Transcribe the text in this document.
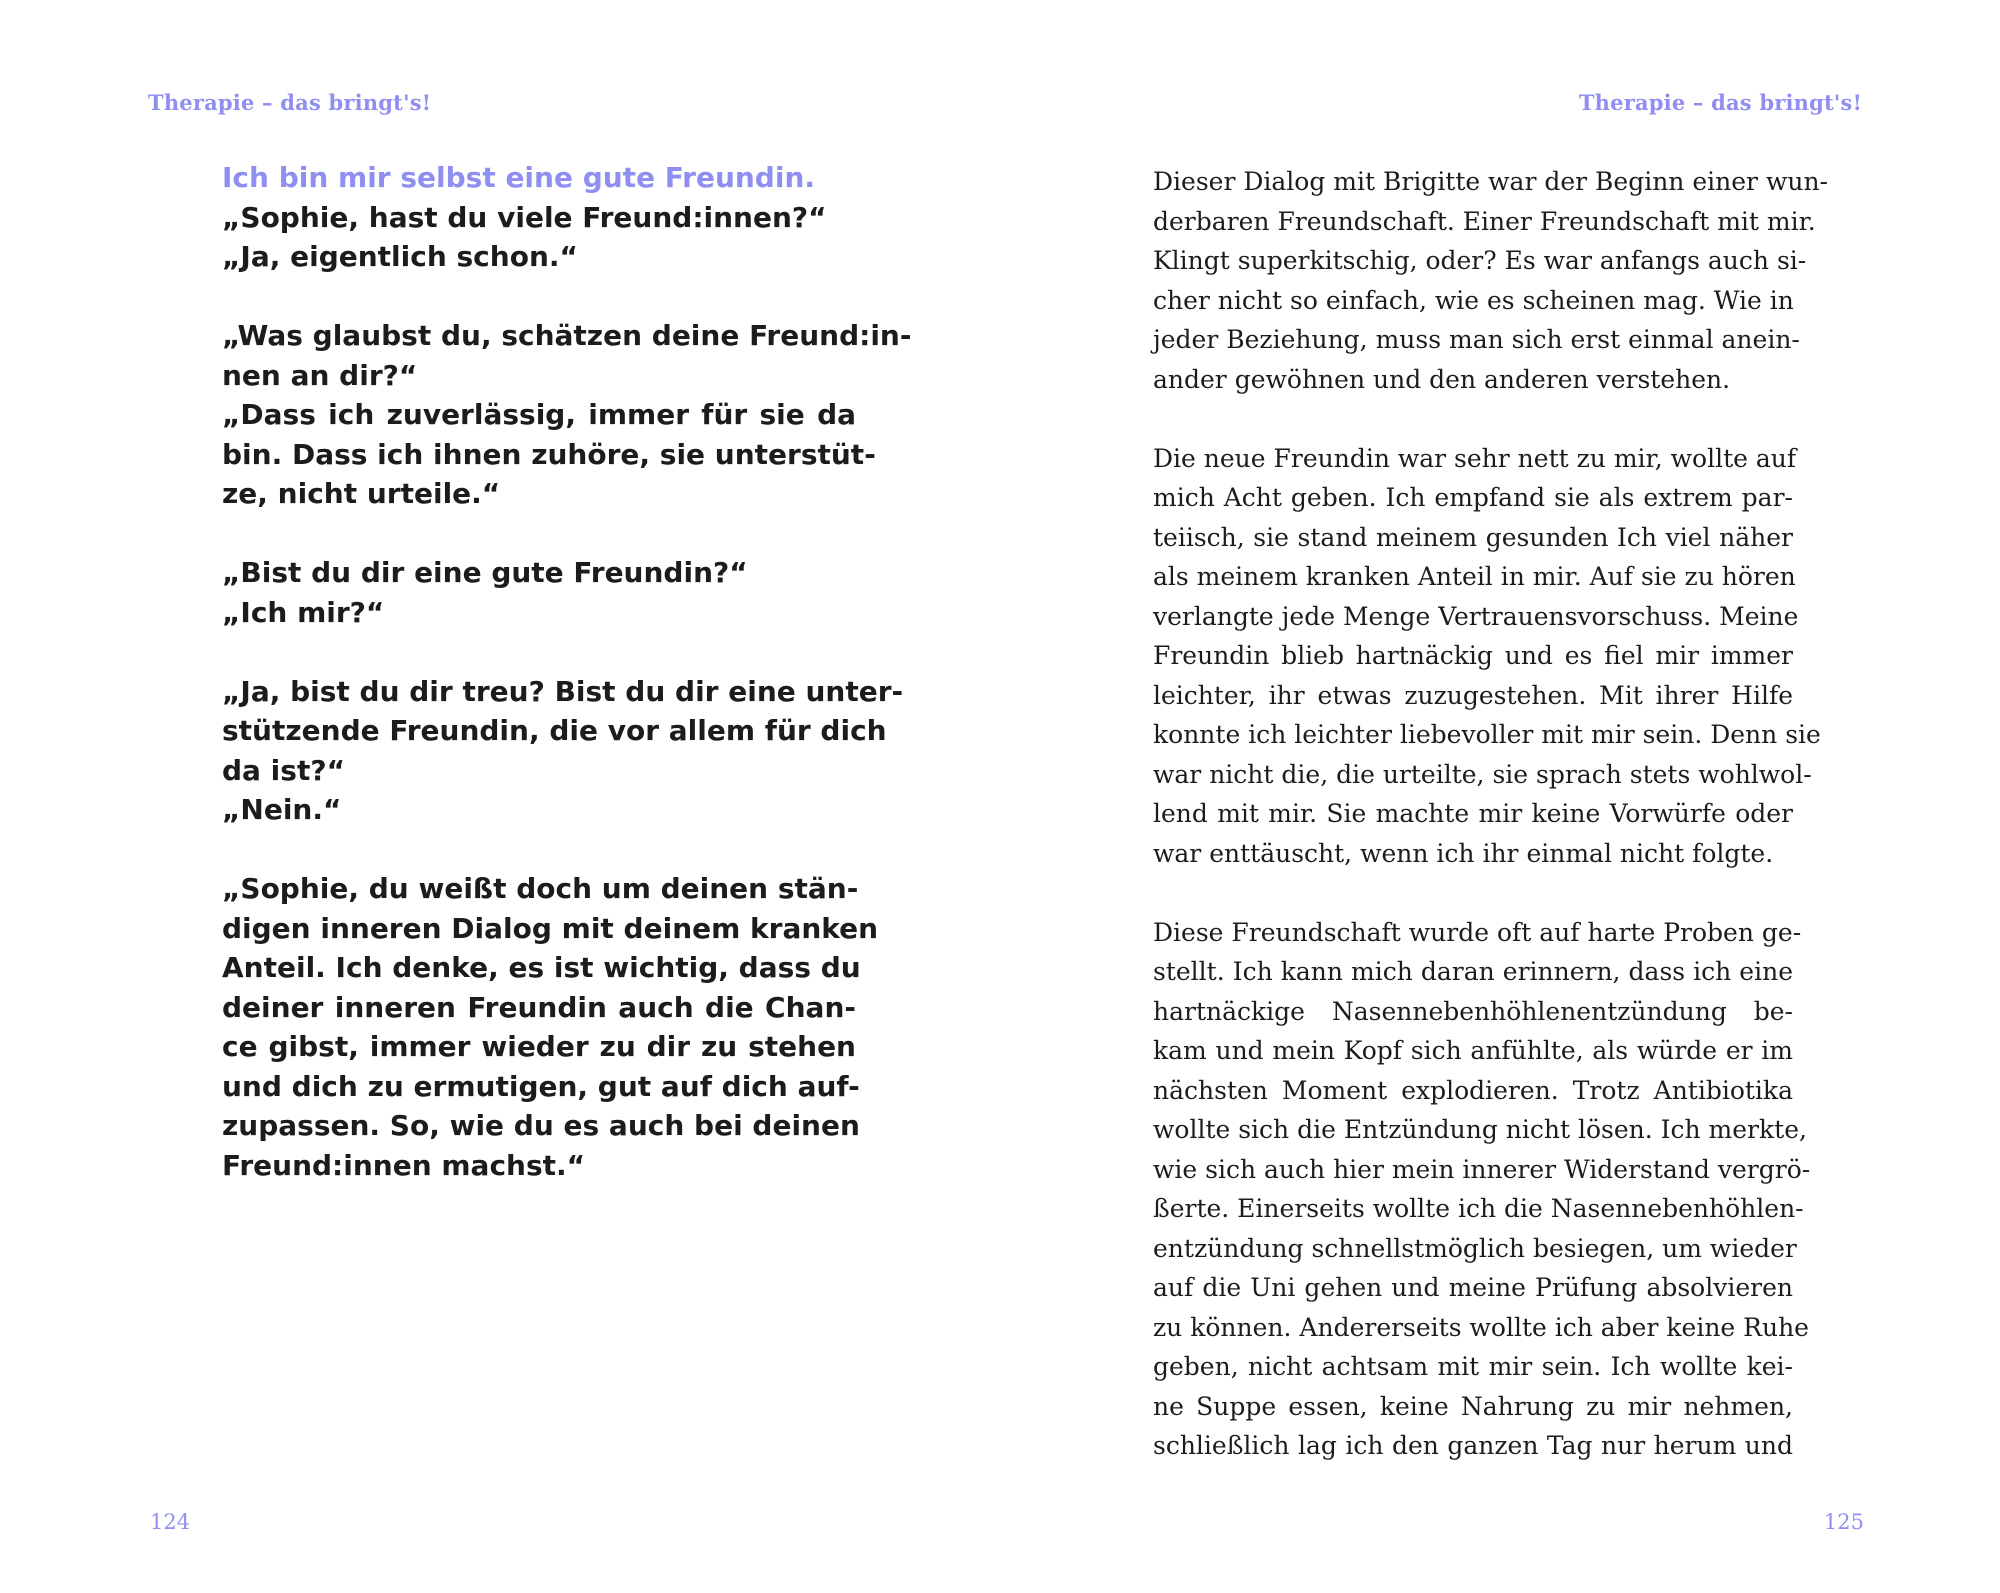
Therapie – das bringt's!
Ich bin mir selbst eine gute Freundin.
„Sophie, hast du viele Freund:innen?“
„Ja, eigentlich schon.“
„Was glaubst du, schätzen deine Freund:in-
nen an dir?“
„Dass ich zuverlässig, immer für sie da
bin. Dass ich ihnen zuhöre, sie unterstüt-
ze, nicht urteile.“
„Bist du dir eine gute Freundin?“
„Ich mir?“
„Ja, bist du dir treu? Bist du dir eine unter-
stützende Freundin, die vor allem für dich
da ist?“
„Nein.“
„Sophie, du weißt doch um deinen stän-
digen inneren Dialog mit deinem kranken
Anteil. Ich denke, es ist wichtig, dass du
deiner inneren Freundin auch die Chan-
ce gibst, immer wieder zu dir zu stehen
und dich zu ermutigen, gut auf dich auf-
zupassen. So, wie du es auch bei deinen
Freund:innen machst.“
124
Therapie – das bringt's!
Dieser Dialog mit Brigitte war der Beginn einer wun-
derbaren Freundschaft. Einer Freundschaft mit mir.
Klingt superkitschig, oder? Es war anfangs auch si-
cher nicht so einfach, wie es scheinen mag. Wie in
jeder Beziehung, muss man sich erst einmal anein-
ander gewöhnen und den anderen verstehen.
Die neue Freundin war sehr nett zu mir, wollte auf
mich Acht geben. Ich empfand sie als extrem par-
teiisch, sie stand meinem gesunden Ich viel näher
als meinem kranken Anteil in mir. Auf sie zu hören
verlangte jede Menge Vertrauensvorschuss. Meine
Freundin blieb hartnäckig und es fiel mir immer
leichter, ihr etwas zuzugestehen. Mit ihrer Hilfe
konnte ich leichter liebevoller mit mir sein. Denn sie
war nicht die, die urteilte, sie sprach stets wohlwol-
lend mit mir. Sie machte mir keine Vorwürfe oder
war enttäuscht, wenn ich ihr einmal nicht folgte.
Diese Freundschaft wurde oft auf harte Proben ge-
stellt. Ich kann mich daran erinnern, dass ich eine
hartnäckige Nasennebenhöhlenentzündung be-
kam und mein Kopf sich anfühlte, als würde er im
nächsten Moment explodieren. Trotz Antibiotika
wollte sich die Entzündung nicht lösen. Ich merkte,
wie sich auch hier mein innerer Widerstand vergrö-
ßerte. Einerseits wollte ich die Nasennebenhöhlen-
entzündung schnellstmöglich besiegen, um wieder
auf die Uni gehen und meine Prüfung absolvieren
zu können. Andererseits wollte ich aber keine Ruhe
geben, nicht achtsam mit mir sein. Ich wollte kei-
ne Suppe essen, keine Nahrung zu mir nehmen,
schließlich lag ich den ganzen Tag nur herum und
125
